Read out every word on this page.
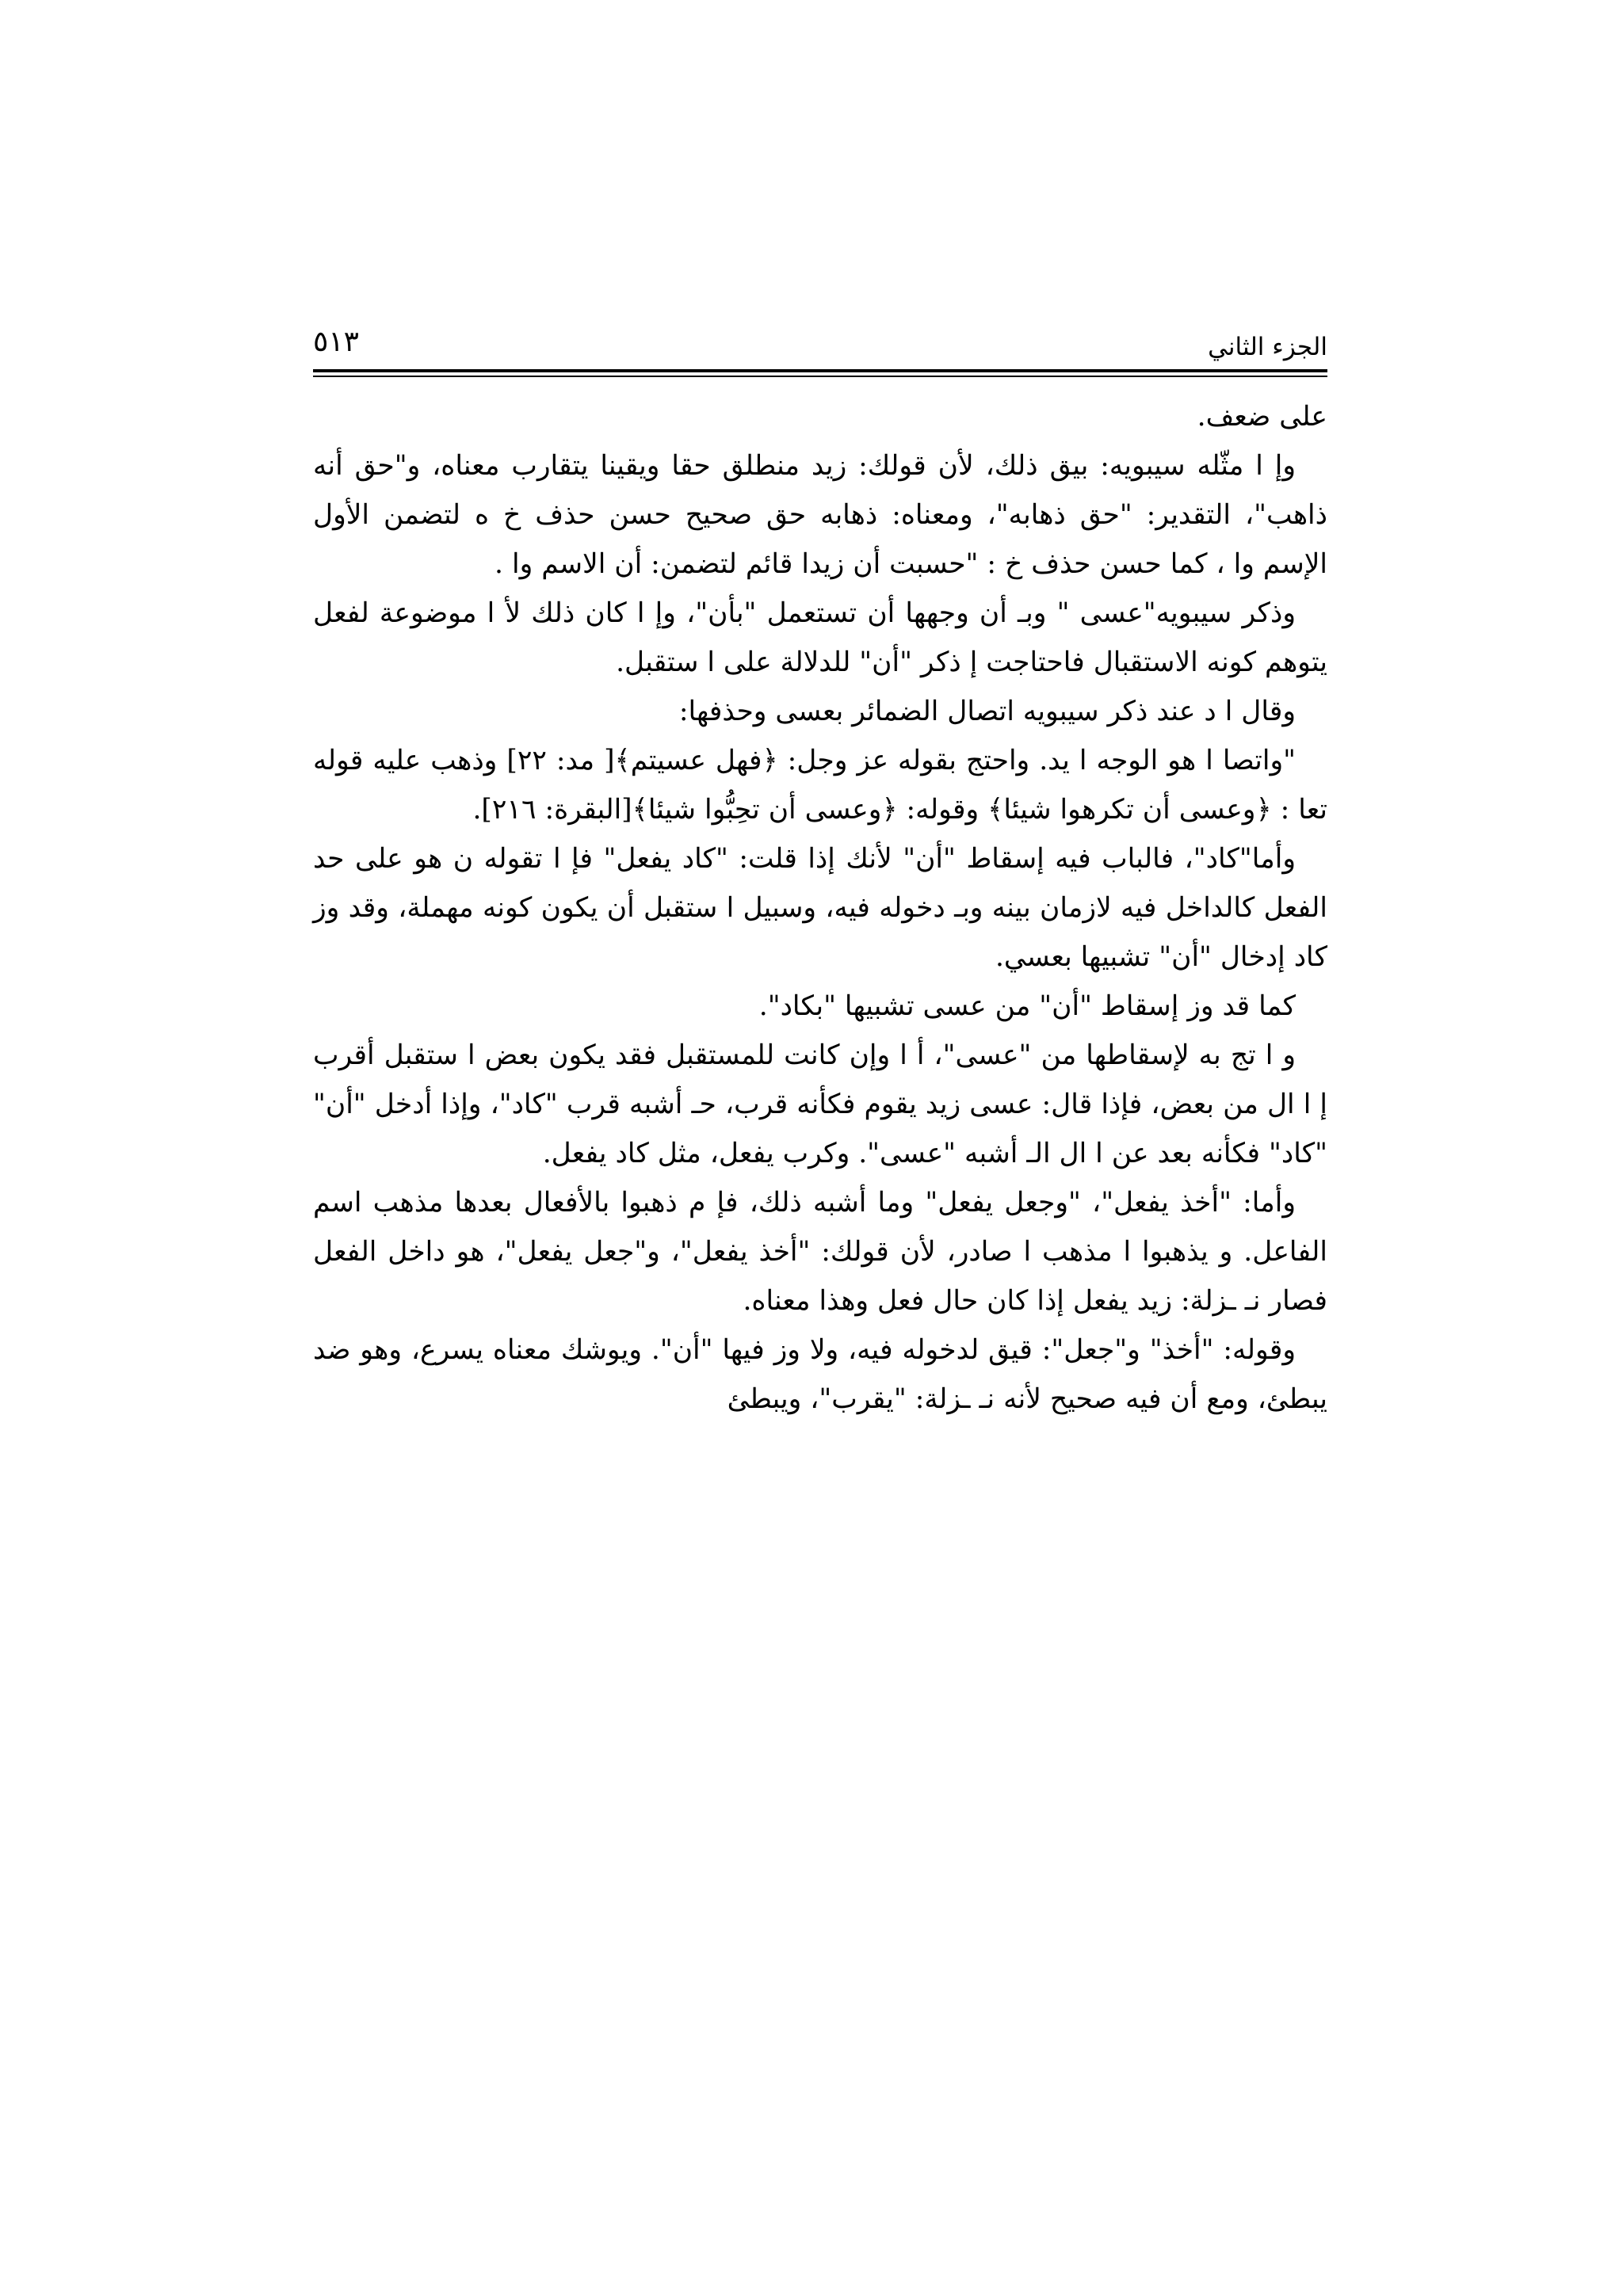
الجزء الثاني
٥١٣

على ضعف.

وإ ا مثّله سيبويه: بيق ذلك، لأن قولك: زيد منطلق حقا ويقينا يتقارب معناه، و"حق أنه ذاهب"، التقدير: "حق ذهابه"، ومعناه: ذهابه حق صحيح حسن حذف خ ه لتضمن الأول الإسم وا ، كما حسن حذف خ : "حسبت أن زيدا قائم لتضمن: أن الاسم وا .

وذكر سيبويه"عسى " وبـ أن وجهها أن تستعمل "بأن"، وإ ا كان ذلك لأ ا موضوعة لفعل يتوهم كونه الاستقبال فاحتاجت إ ذكر "أن" للدلالة على ا ستقبل.

وقال ا د عند ذكر سيبويه اتصال الضمائر بعسى وحذفها:

"واتصا ا هو الوجه ا يد. واحتج بقوله عز وجل: ﴿فهل عسيتم﴾[ مد: ٢٢] وذهب عليه قوله تعا : ﴿وعسى أن تكرهوا شيئا﴾ وقوله: ﴿وعسى أن تحِبُّوا شيئا﴾[البقرة: ٢١٦].

وأما"كاد"، فالباب فيه إسقاط "أن" لأنك إذا قلت: "كاد يفعل" فإ ا تقوله ن هو على حد الفعل كالداخل فيه لازمان بينه وبـ دخوله فيه، وسبيل ا ستقبل أن يكون كونه مهملة، وقد وز كاد إدخال "أن" تشبيها بعسي.

كما قد وز إسقاط "أن" من عسى تشبيها "بكاد".

و ا تج به لإسقاطها من "عسى"، أ ا وإن كانت للمستقبل فقد يكون بعض ا ستقبل أقرب إ ا ال من بعض، فإذا قال: عسى زيد يقوم فكأنه قرب، حـ أشبه قرب "كاد"، وإذا أدخل "أن" "كاد" فكأنه بعد عن ا ال الـ أشبه "عسى". وكرب يفعل، مثل كاد يفعل.

وأما: "أخذ يفعل"، "وجعل يفعل" وما أشبه ذلك، فإ م ذهبوا بالأفعال بعدها مذهب اسم الفاعل. و يذهبوا ا مذهب ا صادر، لأن قولك: "أخذ يفعل"، و"جعل يفعل"، هو داخل الفعل فصار نـ ـزلة: زيد يفعل إذا كان حال فعل وهذا معناه.

وقوله: "أخذ" و"جعل": قيق لدخوله فيه، ولا وز فيها "أن". ويوشك معناه يسرع، وهو ضد يبطئ، ومع أن فيه صحيح لأنه نـ ـزلة: "يقرب"، ويبطئ
